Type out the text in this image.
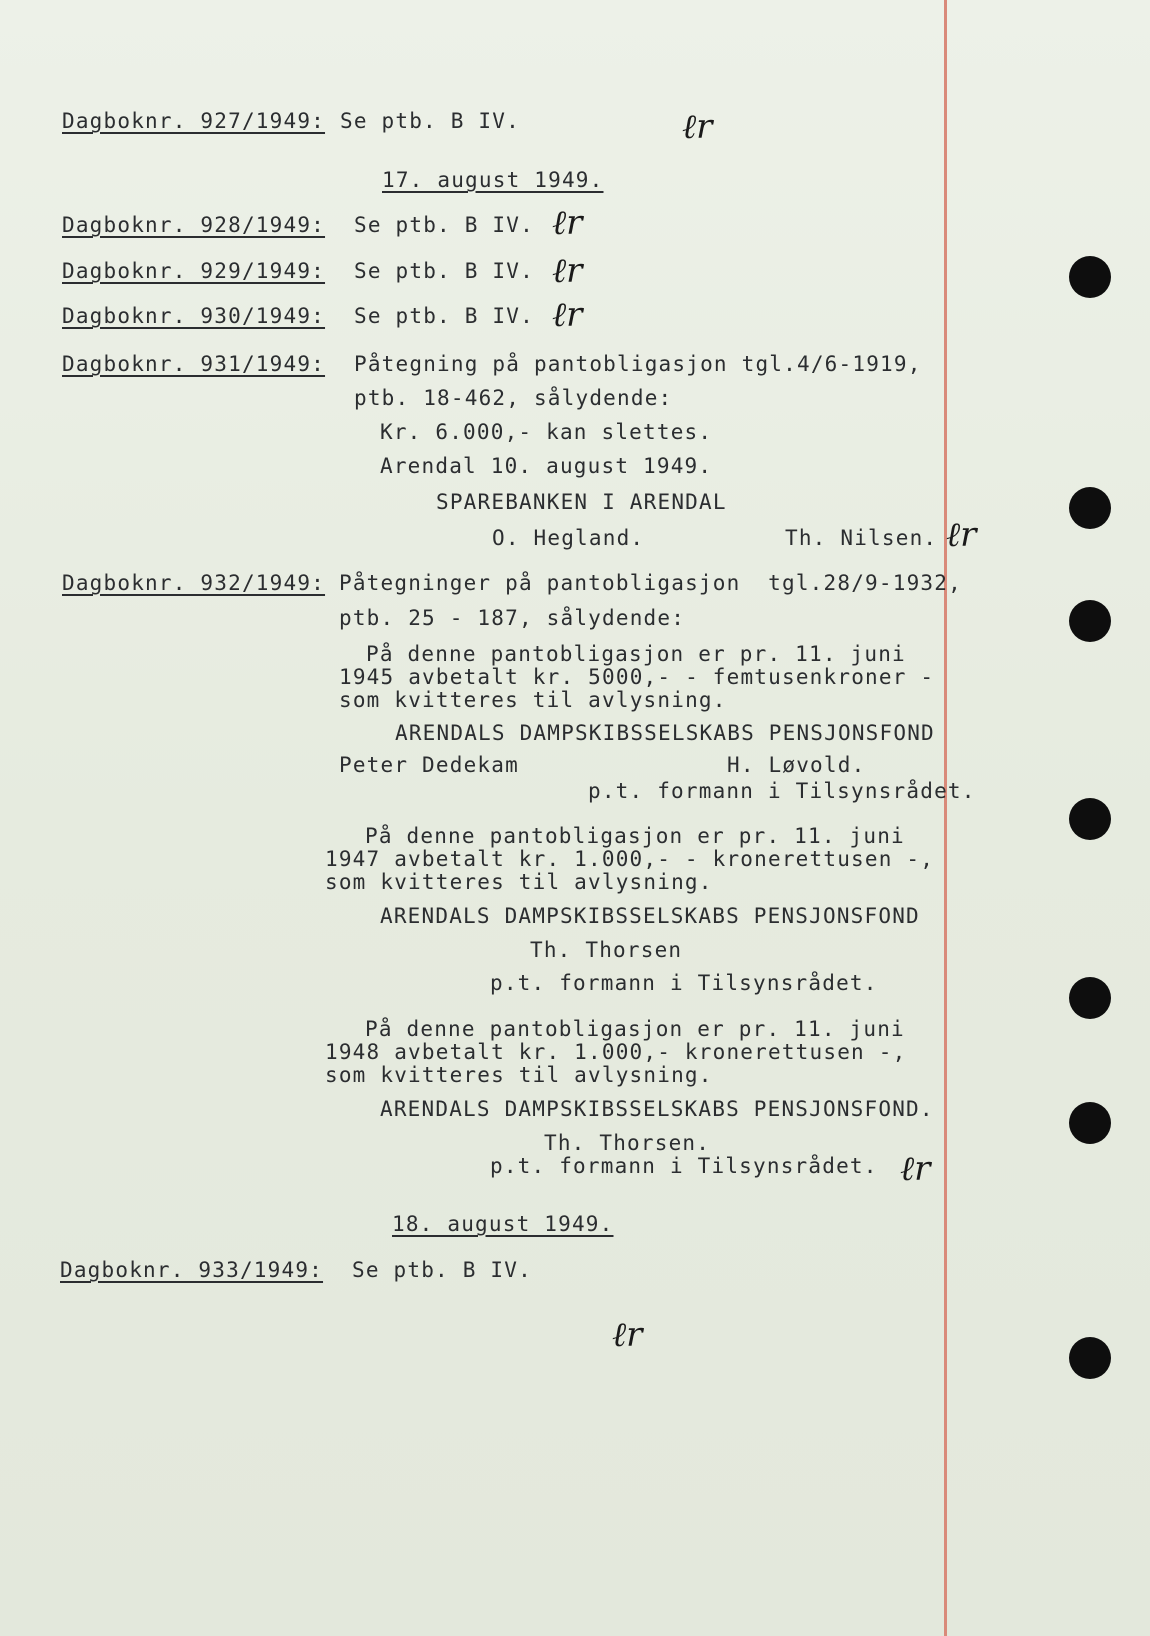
Dagboknr. 927/1949: Se ptb. B IV.	ℓr
17. august 1949.
Dagboknr. 928/1949: Se ptb. B IV. ℓr
Dagboknr. 929/1949: Se ptb. B IV. ℓr
Dagboknr. 930/1949: Se ptb. B IV. ℓr
Dagboknr. 931/1949: Påtegning på pantobligasjon tgl.4/6-1919,
ptb. 18-462, sålydende:
Kr. 6.000,- kan slettes.
Arendal 10. august 1949.
SPAREBANKEN I ARENDAL
O. Hegland.	Th. Nilsen. ℓr
Dagboknr. 932/1949: Påtegninger på pantobligasjon  tgl.28/9-1932,
ptb. 25 - 187, sålydende:
På denne pantobligasjon er pr. 11. juni
1945 avbetalt kr. 5000,- - femtusenkroner -
som kvitteres til avlysning.
ARENDALS DAMPSKIBSSELSKABS PENSJONSFOND
Peter Dedekam	H. Løvold.
p.t. formann i Tilsynsrådet.
På denne pantobligasjon er pr. 11. juni
1947 avbetalt kr. 1.000,- - kronerettusen -,
som kvitteres til avlysning.
ARENDALS DAMPSKIBSSELSKABS PENSJONSFOND
Th. Thorsen
p.t. formann i Tilsynsrådet.
På denne pantobligasjon er pr. 11. juni
1948 avbetalt kr. 1.000,- kronerettusen -,
som kvitteres til avlysning.
ARENDALS DAMPSKIBSSELSKABS PENSJONSFOND.
Th. Thorsen.
p.t. formann i Tilsynsrådet. ℓr
18. august 1949.
Dagboknr. 933/1949: Se ptb. B IV.
ℓr
